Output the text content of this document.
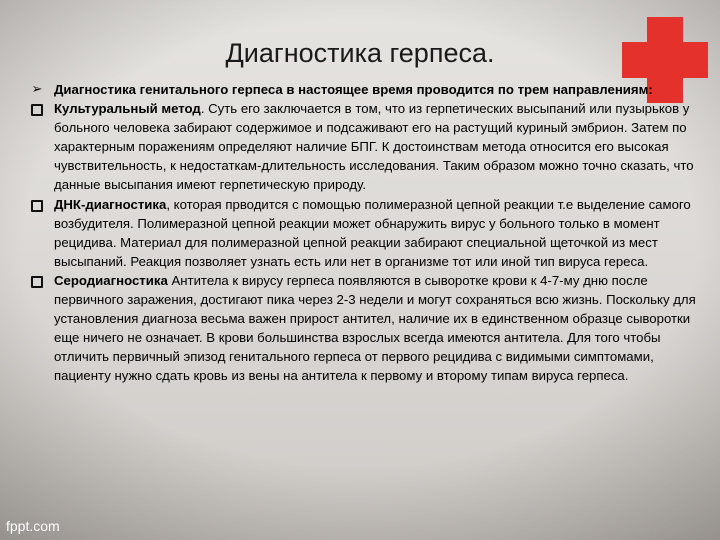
Диагностика герпеса.
➢
Диагностика генитального герпеса в настоящее время проводится по трем направлениям:
Культуральный метод. Суть его заключается в том, что из герпетических высыпаний или пузырьков у больного человека забирают содержимое и подсаживают его на растущий куриный эмбрион. Затем по характерным поражениям определяют наличие БПГ. К достоинствам метода относится его высокая чувствительность, к недостаткам-длительность исследования. Таким образом можно точно сказать, что данные высыпания имеют герпетическую природу.
ДНК-диагностика, которая прводится с помощью полимеразной цепной реакции т.е выделение самого возбудителя. Полимеразной цепной реакции может обнаружить вирус у больного только в момент рецидива. Материал для полимеразной цепной реакции забирают специальной щеточкой из мест высыпаний. Реакция позволяет узнать есть или нет в организме тот или иной тип вируса гереса.
Серодиагностика Антитела к вирусу герпеса появляются в сыворотке крови к 4-7-му дню после первичного заражения, достигают пика через 2-3 недели и могут сохраняться всю жизнь. Поскольку для установления диагноза весьма важен прирост антител, наличие их в единственном образце сыворотки еще ничего не означает. В крови большинства взрослых всегда имеются антитела. Для того чтобы отличить первичный эпизод генитального герпеса от первого рецидива с видимыми симптомами, пациенту нужно сдать кровь из вены на антитела к первому и второму типам вируса герпеса.
fppt.com
